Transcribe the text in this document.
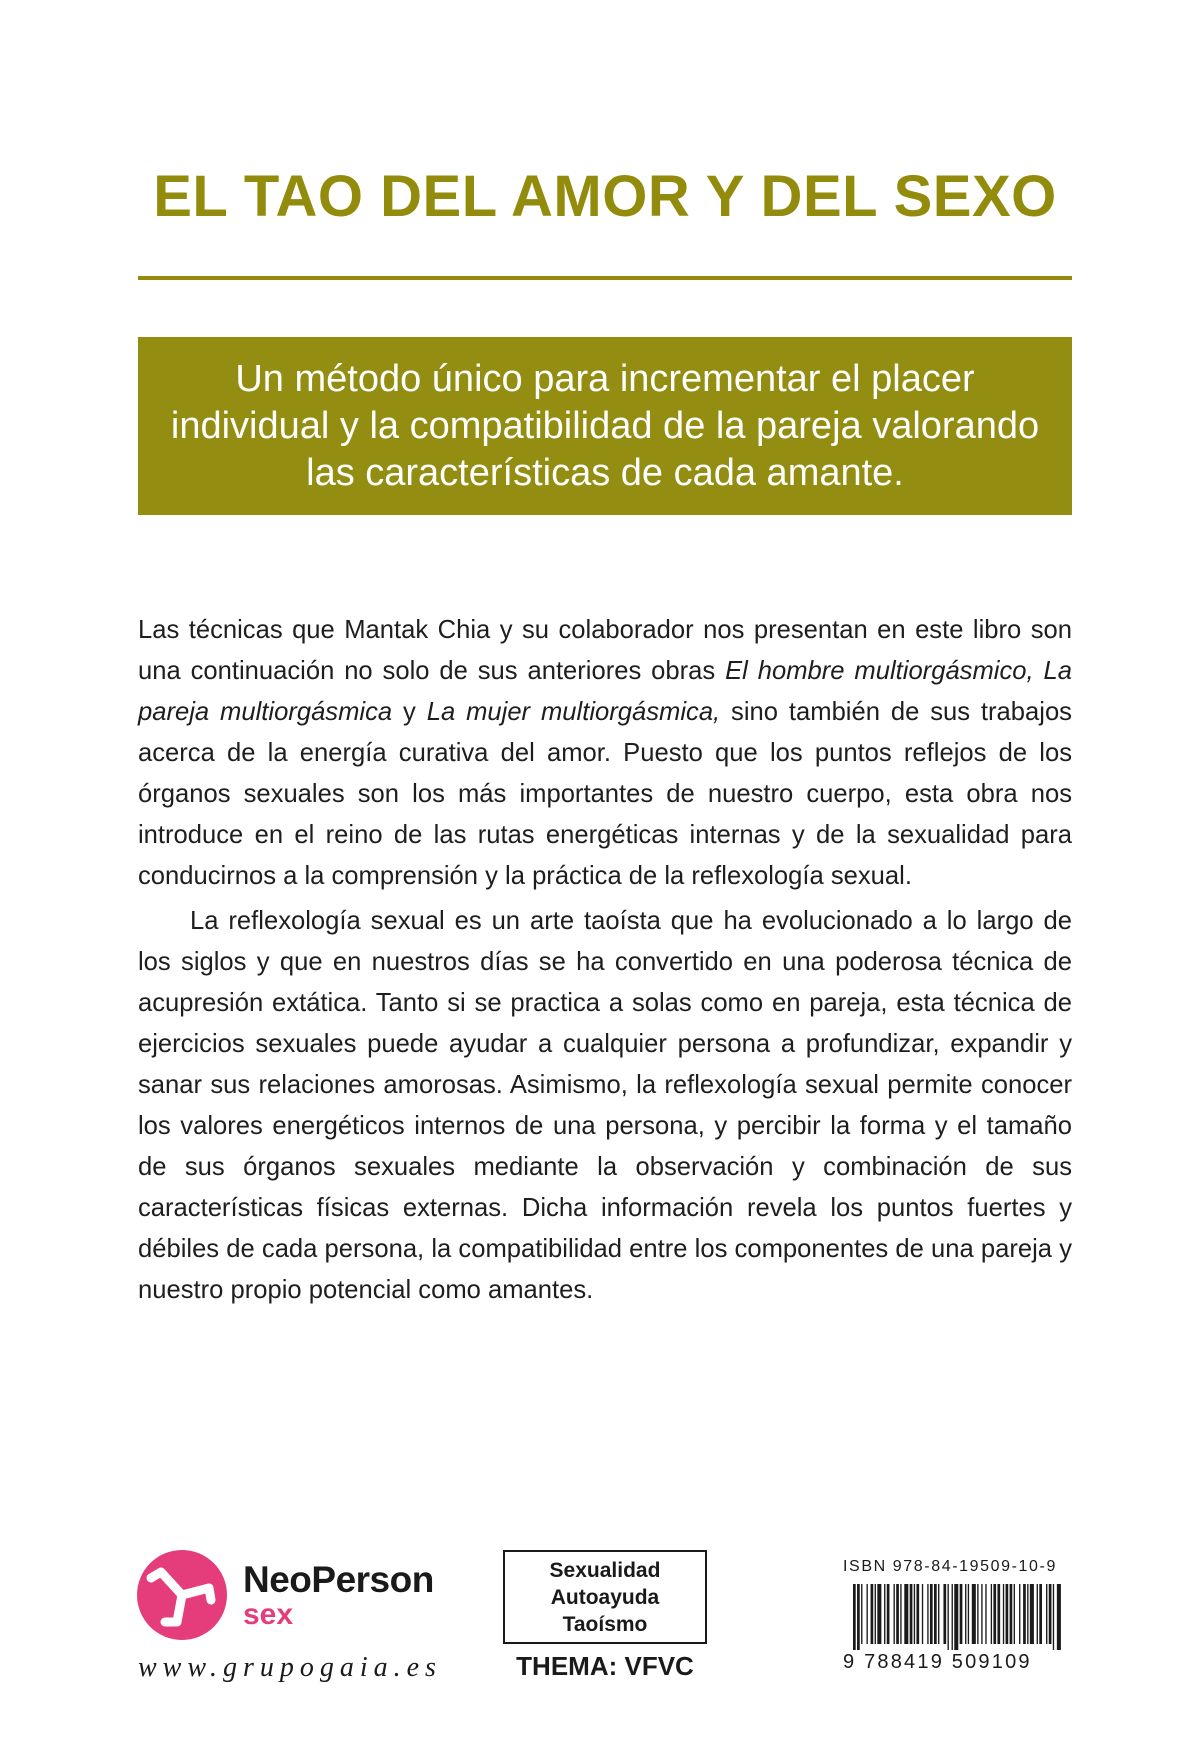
EL TAO DEL AMOR Y DEL SEXO

Un método único para incrementar el placer individual y la compatibilidad de la pareja valorando las características de cada amante.

Las técnicas que Mantak Chia y su colaborador nos presentan en este libro son una continuación no solo de sus anteriores obras El hombre multiorgásmico, La pareja multiorgásmica y La mujer multiorgásmica, sino también de sus trabajos acerca de la energía curativa del amor. Puesto que los puntos reflejos de los órganos sexuales son los más importantes de nuestro cuerpo, esta obra nos introduce en el reino de las rutas energéticas internas y de la sexualidad para conducirnos a la comprensión y la práctica de la reflexología sexual.

La reflexología sexual es un arte taoísta que ha evolucionado a lo largo de los siglos y que en nuestros días se ha convertido en una poderosa técnica de acupresión extática. Tanto si se practica a solas como en pareja, esta técnica de ejercicios sexuales puede ayudar a cualquier persona a profundizar, expandir y sanar sus relaciones amorosas. Asimismo, la reflexología sexual permite conocer los valores energéticos internos de una persona, y percibir la forma y el tamaño de sus órganos sexuales mediante la observación y combinación de sus características físicas externas. Dicha información revela los puntos fuertes y débiles de cada persona, la compatibilidad entre los componentes de una pareja y nuestro propio potencial como amantes.

NeoPerson

sex

www.grupogaia.es

Sexualidad
Autoayuda
Taoísmo

THEMA: VFVC

ISBN 978-84-19509-10-9

9 788419 509109
